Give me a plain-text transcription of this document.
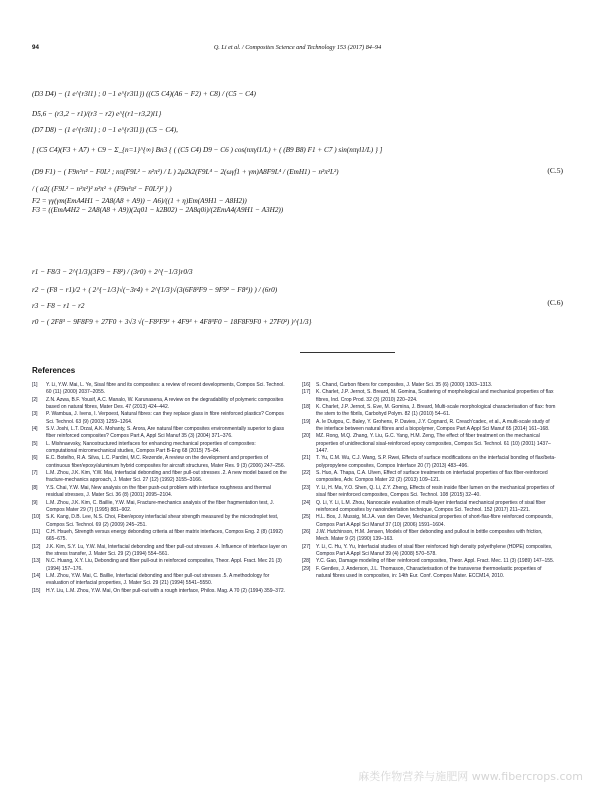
94	Q. Li et al. / Composites Science and Technology 153 (2017) 84–94
(D3 D4) − (1 e^{r3l1} ; 0 −1 e^{r3l1}) ((C5 C4)(A6 − F2) + C8) / (C5 − C4)
D5,6 − (r3,2 − r1)/(r3 − r2) e^{(r1−r3,2)l1}
(D7 D8) − (1 e^{r3l1} ; 0 −1 e^{r3l1}) (C5 − C4),
[ (C5 C4)(F3 + A7) + C9 − Σ_{n=1}^{∞} Bn3 { ( (C5 C4) D9 − C6 ) cos(nπγl1/L) + ( (B9 B8) F1 + C7 ) sin(nπγl1/L) } ]
(D9 F1) − ( F9n²π² − F0L² ; nπ(F9L² − n²π²) / L ) 2μ2k2(F9L⁴ − 2(ωγf1 + γm)A8F9L⁴ / (EmH1) − n²π²L²)
/ ( α2( (F9L² − n²π²)² n²π² + (F9n²π² − F0L²)² ) )
F2 = γγ(γm(EmA4H1 − 2A8(A8 + A9)) − A6)/((1 + η)Em(A9H1 − A8H2))
F3 = ((EmA4H2 − 2A8(A8 + A9))(2q01 − k2B02) − 2A8q0i)/(2EmA4(A9H1 − A3H2))
(C.5)
r1 − F8/3 − 2^{1/3}(3F9 − F8²) / (3r0) + 2^{−1/3}r0/3
r2 − (F8 − r1)/2 + ( 2^{−1/3}√(−3r4) + 2^{1/3}√(3(6F8²F9 − 9F9² − F8⁴)) ) / (6r0)
r3 − F8 − r1 − r2
r0 − ( 2F8³ − 9F8F9 + 27F0 + 3√3 √(−F8²F9² + 4F9³ + 4F8³F0 − 18F8F9F0 + 27F0²) )^{1/3}
(C.6)
References
[1] Y. Li, Y.W. Mai, L. Ye, Sisal fibre and its composites: a review of recent developments, Compos Sci. Technol. 60 (11) (2000) 2037–2055.
[2] Z.N. Azwa, B.F. Yousif, A.C. Manalo, W. Karunasena, A review on the degradability of polymeric composites based on natural fibres, Mater Des. 47 (2013) 424–442.
[3] P. Wambua, J. Ivens, I. Verpoest, Natural fibres: can they replace glass in fibre reinforced plastics? Compos Sci. Technol. 63 (9) (2003) 1259–1264.
[4] S.V. Joshi, L.T. Drzal, A.K. Mohanty, S. Arora, Are natural fiber composites environmentally superior to glass fiber reinforced composites? Compos Part A, Appl Sci Manuf 35 (3) (2004) 371–376.
[5] L. Mishnaevsky, Nanostructured interfaces for enhancing mechanical properties of composites: computational micromechanical studies, Compos Part B-Eng 68 (2015) 75–84.
[6] E.C. Botelho, R.A. Silva, L.C. Pardini, M.C. Rezende, A review on the development and properties of continuous fiber/epoxy/aluminum hybrid composites for aircraft structures, Mater Res. 9 (3) (2006) 247–256.
[7] L.M. Zhou, J.K. Kim, Y.W. Mai, Interfacial debonding and fiber pull-out stresses .2. A new model based on the fracture-mechanics approach, J. Mater Sci. 27 (12) (1992) 3155–3166.
[8] Y.S. Chai, Y.W. Mai, New analysis on the fiber push-out problem with interface roughness and thermal residual stresses, J. Mater Sci. 36 (8) (2001) 2095–2104.
[9] L.M. Zhou, J.K. Kim, C. Baillie, Y.W. Mai, Fracture-mechanics analysis of the fiber fragmentation test, J. Compos Mater 29 (7) (1995) 881–902.
[10] S.K. Kang, D.B. Lee, N.S. Choi, Fiber/epoxy interfacial shear strength measured by the microdroplet test, Compos Sci. Technol. 69 (2) (2009) 245–251.
[11] C.H. Hsueh, Strength versus energy debonding criteria at fiber matrix interfaces, Compos Eng. 2 (8) (1992) 665–675.
[12] J.K. Kim, S.Y. Lu, Y.W. Mai, Interfacial debonding and fiber pull-out stresses .4. Influence of interface layer on the stress transfer, J. Mater Sci. 29 (2) (1994) 554–561.
[13] N.C. Huang, X.Y. Liu, Debonding and fiber pull-out in reinforced composites, Theor. Appl. Fract. Mec 21 (3) (1994) 157–176.
[14] L.M. Zhou, Y.W. Mai, C. Baillie, Interfacial debonding and fiber pull-out stresses .5. A methodology for evaluation of interfacial properties, J. Mater Sci. 29 (21) (1994) 5541–5550.
[15] H.Y. Liu, L.M. Zhou, Y.W. Mai, On fiber pull-out with a rough interface, Philos. Mag. A 70 (2) (1994) 359–372.
[16] S. Chand, Carbon fibers for composites, J. Mater Sci. 35 (6) (2000) 1303–1313.
[17] K. Charlet, J.P. Jernot, S. Breard, M. Gomina, Scattering of morphological and mechanical properties of flax fibres, Ind. Crop Prod. 32 (3) (2010) 220–224.
[18] K. Charlet, J.P. Jernot, S. Eve, M. Gomina, J. Breard, Multi-scale morphological characterisation of flax: from the stem to the fibrils, Carbohyd Polym. 82 (1) (2010) 54–61.
[19] A. le Duigou, C. Baley, Y. Grohens, P. Davies, J.Y. Cognard, R. Creach'cadec, et al., A multi-scale study of the interface between natural fibres and a biopolymer, Compos Part A Appl Sci Manuf 65 (2014) 161–168.
[20] MZ. Rong, M.Q. Zhang, Y. Liu, G.C. Yang, H.M. Zeng, The effect of fiber treatment on the mechanical properties of unidirectional sisal-reinforced epoxy composites, Compos Sci. Technol. 61 (10) (2001) 1437–1447.
[21] T. Yu, C.M. Wu, C.J. Wang, S.P. Rwei, Effects of surface modifications on the interfacial bonding of flax/beta-polypropylene composites, Compos Interface 20 (7) (2013) 483–496.
[22] S. Huo, A. Thapa, C.A. Ulven, Effect of surface treatments on interfacial properties of flax fiber-reinforced composites, Adv. Compos Mater 22 (2) (2013) 109–121.
[23] Y. Li, H. Ma, Y.O. Shen, Q. Li, Z.Y. Zheng, Effects of resin inside fiber lumen on the mechanical properties of sisal fiber reinforced composites, Compos Sci. Technol. 108 (2015) 32–40.
[24] Q. Li, Y. Li, L.M. Zhou, Nanoscale evaluation of multi-layer interfacial mechanical properties of sisal fiber reinforced composites by nanoindentation technique, Compos Sci. Technol. 152 (2017) 211–221.
[25] H.L. Bos, J. Mussig, M.J.A. van den Oever, Mechanical properties of short-flax-fibre reinforced compounds, Compos Part A Appl Sci Manuf 37 (10) (2006) 1591–1604.
[26] J.W. Hutchinson, H.M. Jensen, Models of fiber debonding and pullout in brittle composites with friction, Mech. Mater 9 (2) (1990) 139–163.
[27] Y. Li, C. Hu, Y. Yu, Interfacial studies of sisal fiber reinforced high density polyethylene (HDPE) composites, Compos Part A Appl Sci Manuf 39 (4) (2008) 570–578.
[28] Y.C. Gao, Damage modeling of fiber reinforced composites, Theor. Appl. Fract. Mec. 11 (3) (1989) 147–155.
[29] F. Gentles, J. Anderson, J.L. Thomason, Characterisation of the transverse thermoelastic properties of natural fibres used in composites, in: 14th Eur. Conf. Compos Mater. ECCM14, 2010.
麻类作物营养与施肥网 www.fibercrops.com
